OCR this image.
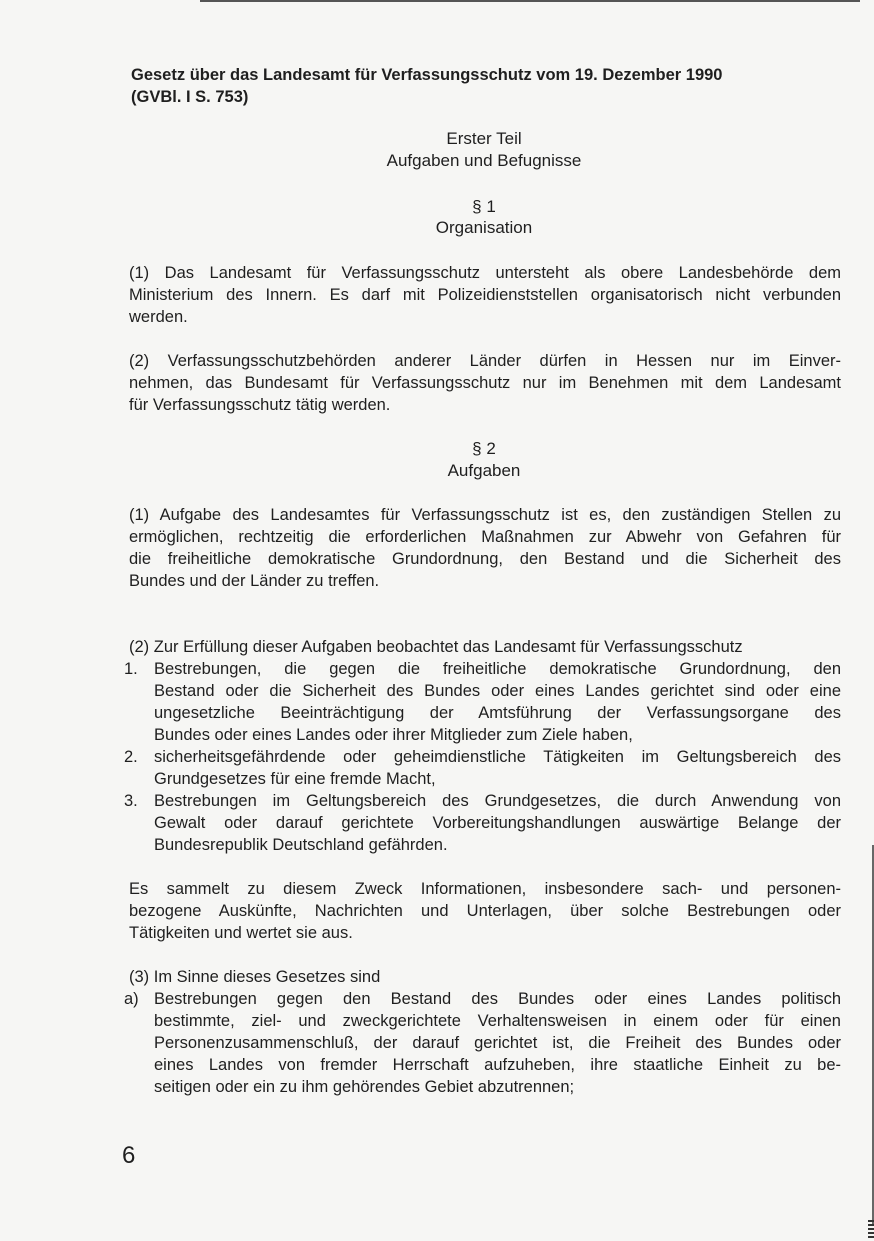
Gesetz über das Landesamt für Verfassungsschutz vom 19. Dezember 1990
(GVBl. I S. 753)

Erster Teil

Aufgaben und Befugnisse

§ 1

Organisation

(1) Das Landesamt für Verfassungsschutz untersteht als obere Landesbehörde dem
Ministerium des Innern. Es darf mit Polizeidienststellen organisatorisch nicht verbunden
werden.

(2) Verfassungsschutzbehörden anderer Länder dürfen in Hessen nur im Einver-
nehmen, das Bundesamt für Verfassungsschutz nur im Benehmen mit dem Landesamt
für Verfassungsschutz tätig werden.

§ 2

Aufgaben

(1) Aufgabe des Landesamtes für Verfassungsschutz ist es, den zuständigen Stellen zu
ermöglichen, rechtzeitig die erforderlichen Maßnahmen zur Abwehr von Gefahren für
die freiheitliche demokratische Grundordnung, den Bestand und die Sicherheit des
Bundes und der Länder zu treffen.

(2) Zur Erfüllung dieser Aufgaben beobachtet das Landesamt für Verfassungsschutz

1. Bestrebungen, die gegen die freiheitliche demokratische Grundordnung, den
Bestand oder die Sicherheit des Bundes oder eines Landes gerichtet sind oder eine
ungesetzliche Beeinträchtigung der Amtsführung der Verfassungsorgane des
Bundes oder eines Landes oder ihrer Mitglieder zum Ziele haben,
2. sicherheitsgefährdende oder geheimdienstliche Tätigkeiten im Geltungsbereich des
Grundgesetzes für eine fremde Macht,
3. Bestrebungen im Geltungsbereich des Grundgesetzes, die durch Anwendung von
Gewalt oder darauf gerichtete Vorbereitungshandlungen auswärtige Belange der
Bundesrepublik Deutschland gefährden.

Es sammelt zu diesem Zweck Informationen, insbesondere sach- und personen-
bezogene Auskünfte, Nachrichten und Unterlagen, über solche Bestrebungen oder
Tätigkeiten und wertet sie aus.

(3) Im Sinne dieses Gesetzes sind

a) Bestrebungen gegen den Bestand des Bundes oder eines Landes politisch
bestimmte, ziel- und zweckgerichtete Verhaltensweisen in einem oder für einen
Personenzusammenschluß, der darauf gerichtet ist, die Freiheit des Bundes oder
eines Landes von fremder Herrschaft aufzuheben, ihre staatliche Einheit zu be-
seitigen oder ein zu ihm gehörendes Gebiet abzutrennen;

6
